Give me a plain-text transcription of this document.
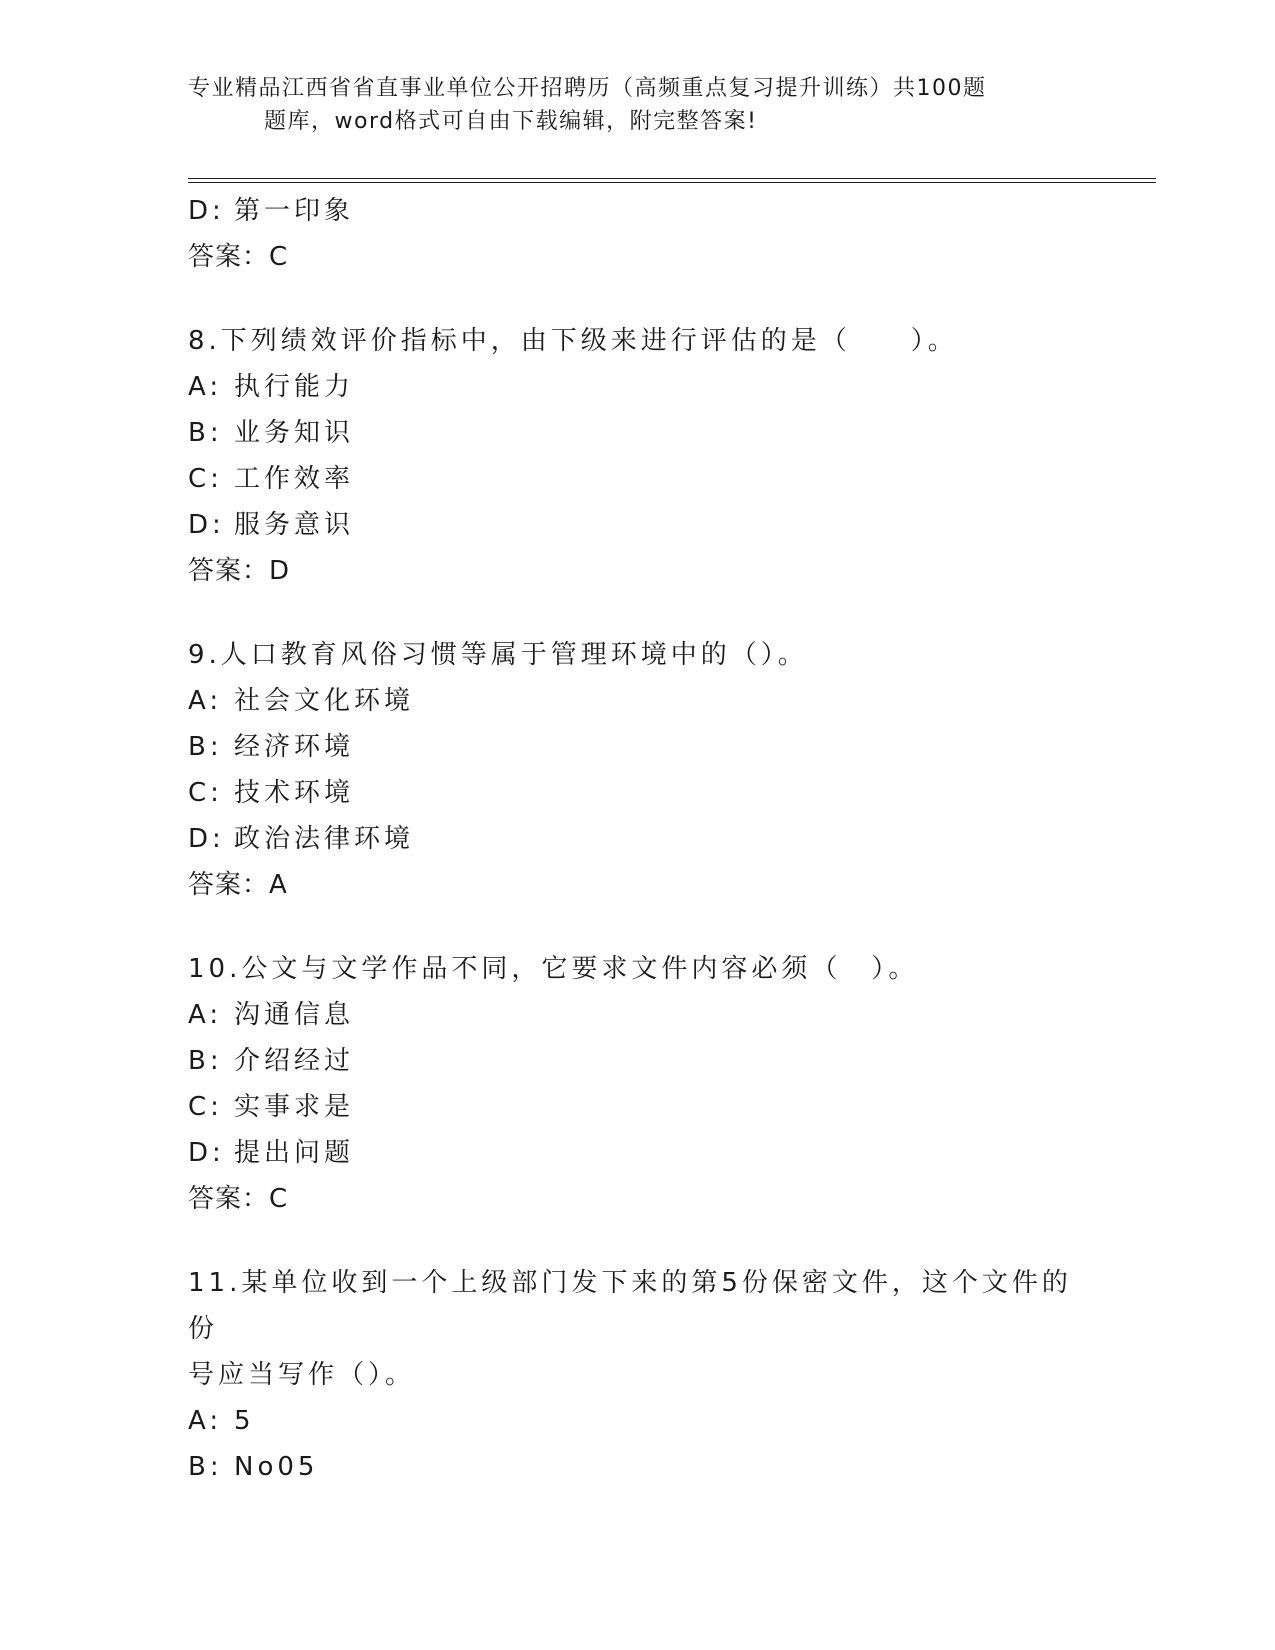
专业精品江西省省直事业单位公开招聘历（高频重点复习提升训练）共100题
题库，word格式可自由下载编辑，附完整答案!
D: 第一印象
答案：C
8.下列绩效评价指标中，由下级来进行评估的是（　　）。
A: 执行能力
B: 业务知识
C: 工作效率
D: 服务意识
答案：D
9.人口教育风俗习惯等属于管理环境中的（）。
A: 社会文化环境
B: 经济环境
C: 技术环境
D: 政治法律环境
答案：A
10.公文与文学作品不同，它要求文件内容必须（　）。
A: 沟通信息
B: 介绍经过
C: 实事求是
D: 提出问题
答案：C
11.某单位收到一个上级部门发下来的第5份保密文件，这个文件的份
号应当写作（）。
A: 5
B: No05
